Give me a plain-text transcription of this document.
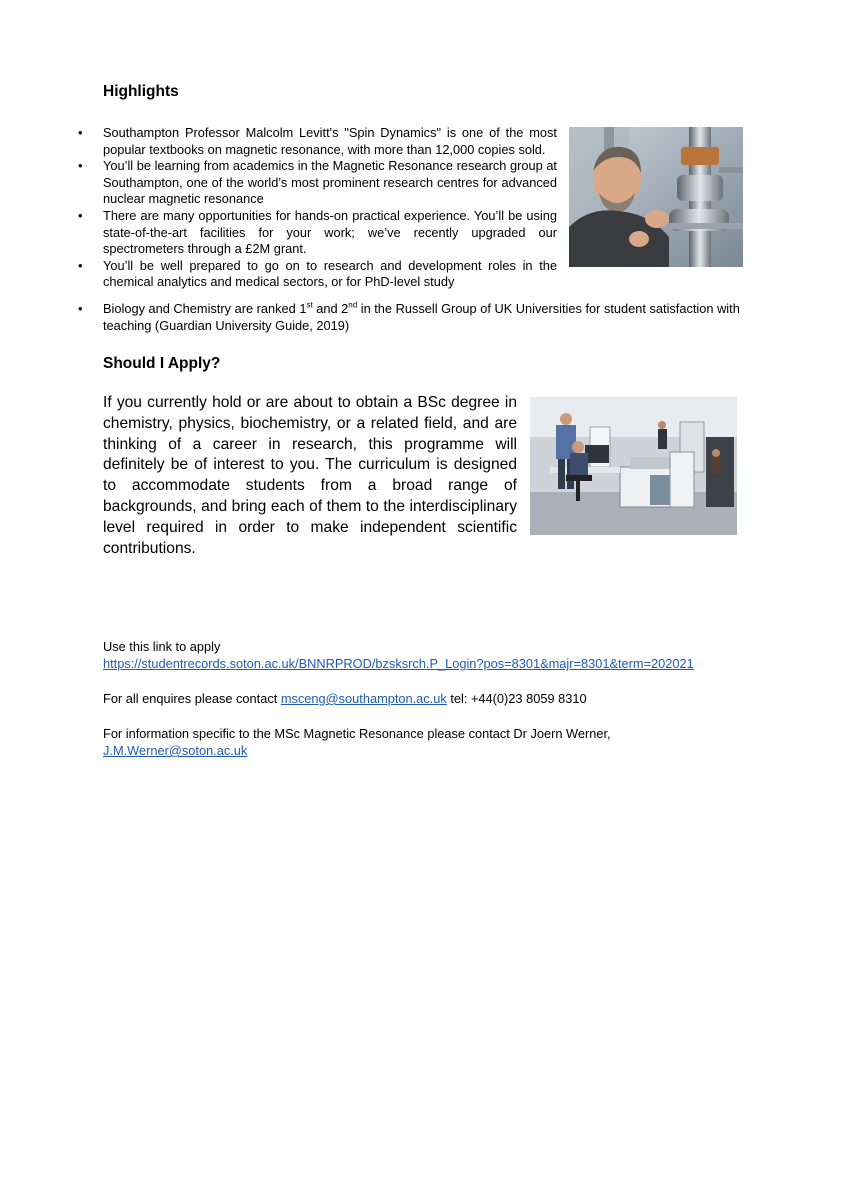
Highlights
• Southampton Professor Malcolm Levitt's "Spin Dynamics" is one of the most popular textbooks on magnetic resonance, with more than 12,000 copies sold.
• You’ll be learning from academics in the Magnetic Resonance research group at Southampton, one of the world’s most prominent research centres for advanced nuclear magnetic resonance
• There are many opportunities for hands-on practical experience. You’ll be using state-of-the-art facilities for your work; we’ve recently upgraded our spectrometers through a £2M grant.
• You’ll be well prepared to go on to research and development roles in the chemical analytics and medical sectors, or for PhD-level study
• Biology and Chemistry are ranked 1st and 2nd in the Russell Group of UK Universities for student satisfaction with teaching (Guardian University Guide, 2019)
Should I Apply?

If you currently hold or are about to obtain a BSc degree in chemistry, physics, biochemistry, or a related field, and are thinking of a career in research, this programme will definitely be of interest to you. The curriculum is designed to accommodate students from a broad range of backgrounds, and bring each of them to the interdisciplinary level required in order to make independent scientific contributions.

Use this link to apply

https://studentrecords.soton.ac.uk/BNNRPROD/bzsksrch.P_Login?pos=8301&majr=8301&term=202021

For all enquires please contact msceng@southampton.ac.uk tel: +44(0)23 8059 8310

For information specific to the MSc Magnetic Resonance please contact Dr Joern Werner,

J.M.Werner@soton.ac.uk
